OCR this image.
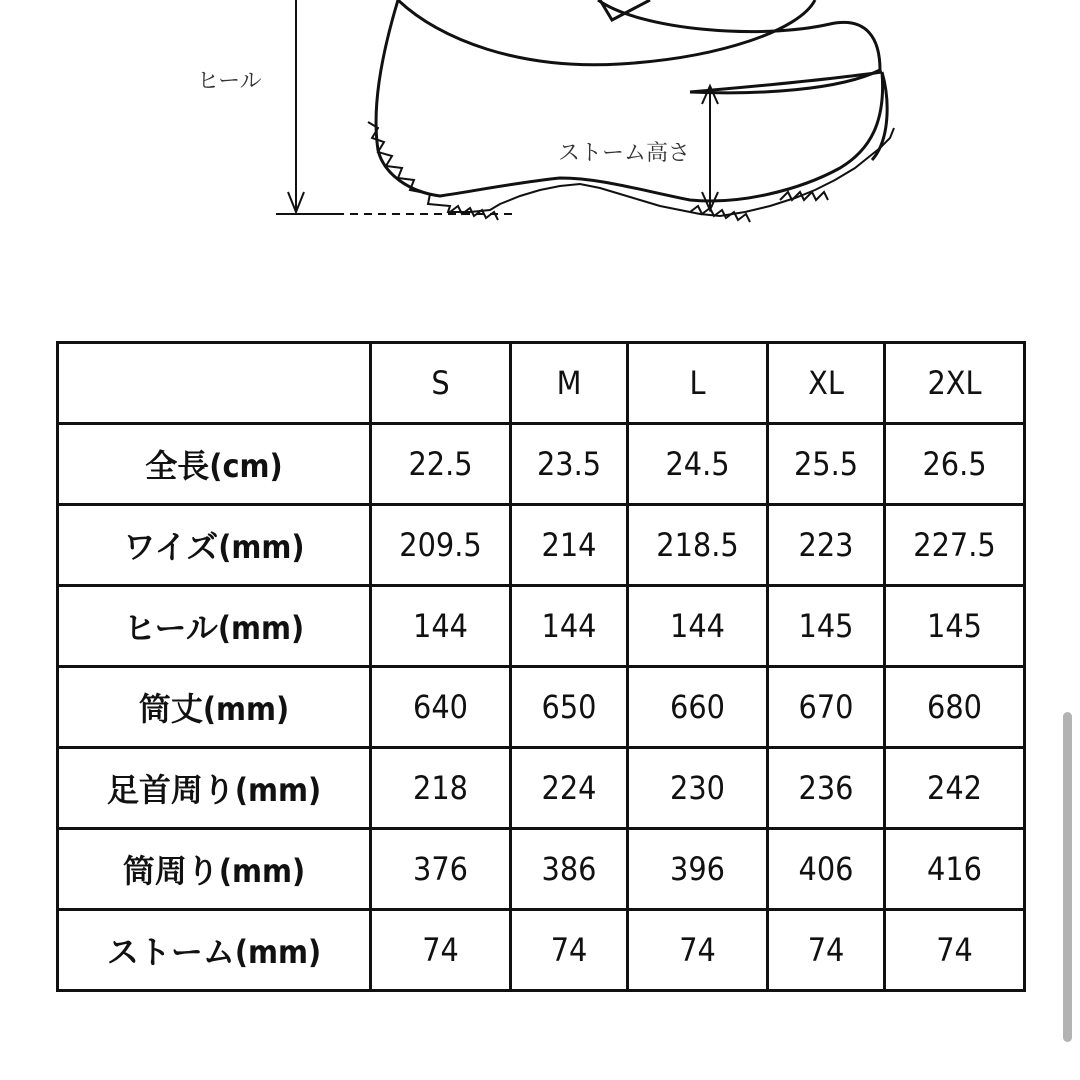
ヒール
ストーム高さ
	S	M	L	XL	2XL
全長(cm)	22.5	23.5	24.5	25.5	26.5
ワイズ(mm)	209.5	214	218.5	223	227.5
ヒール(mm)	144	144	144	145	145
筒丈(mm)	640	650	660	670	680
足首周り(mm)	218	224	230	236	242
筒周り(mm)	376	386	396	406	416
ストーム(mm)	74	74	74	74	74
